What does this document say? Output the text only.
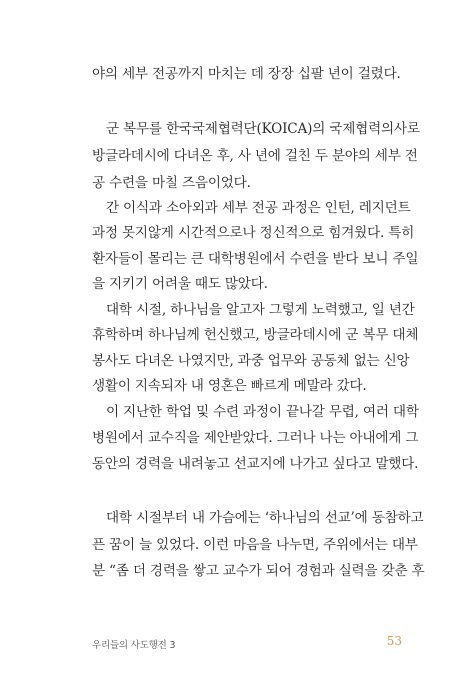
야의 세부 전공까지 마치는 데 장장 십팔 년이 걸렸다.
군 복무를 한국국제협력단(KOICA)의 국제협력의사로
방글라데시에 다녀온 후, 사 년에 걸친 두 분야의 세부 전
공 수련을 마칠 즈음이었다.
간 이식과 소아외과 세부 전공 과정은 인턴, 레지던트
과정 못지않게 시간적으로나 정신적으로 힘겨웠다. 특히
환자들이 몰리는 큰 대학병원에서 수련을 받다 보니 주일
을 지키기 어려울 때도 많았다.
대학 시절, 하나님을 알고자 그렇게 노력했고, 일 년간
휴학하며 하나님께 헌신했고, 방글라데시에 군 복무 대체
봉사도 다녀온 나였지만, 과중 업무와 공동체 없는 신앙
생활이 지속되자 내 영혼은 빠르게 메말라 갔다.
이 지난한 학업 및 수련 과정이 끝나갈 무렵, 여러 대학
병원에서 교수직을 제안받았다. 그러나 나는 아내에게 그
동안의 경력을 내려놓고 선교지에 나가고 싶다고 말했다.
대학 시절부터 내 가슴에는 ‘하나님의 선교’에 동참하고
픈 꿈이 늘 있었다. 이런 마음을 나누면, 주위에서는 대부
분 “좀 더 경력을 쌓고 교수가 되어 경험과 실력을 갖춘 후
우리들의 사도행전 3	53
